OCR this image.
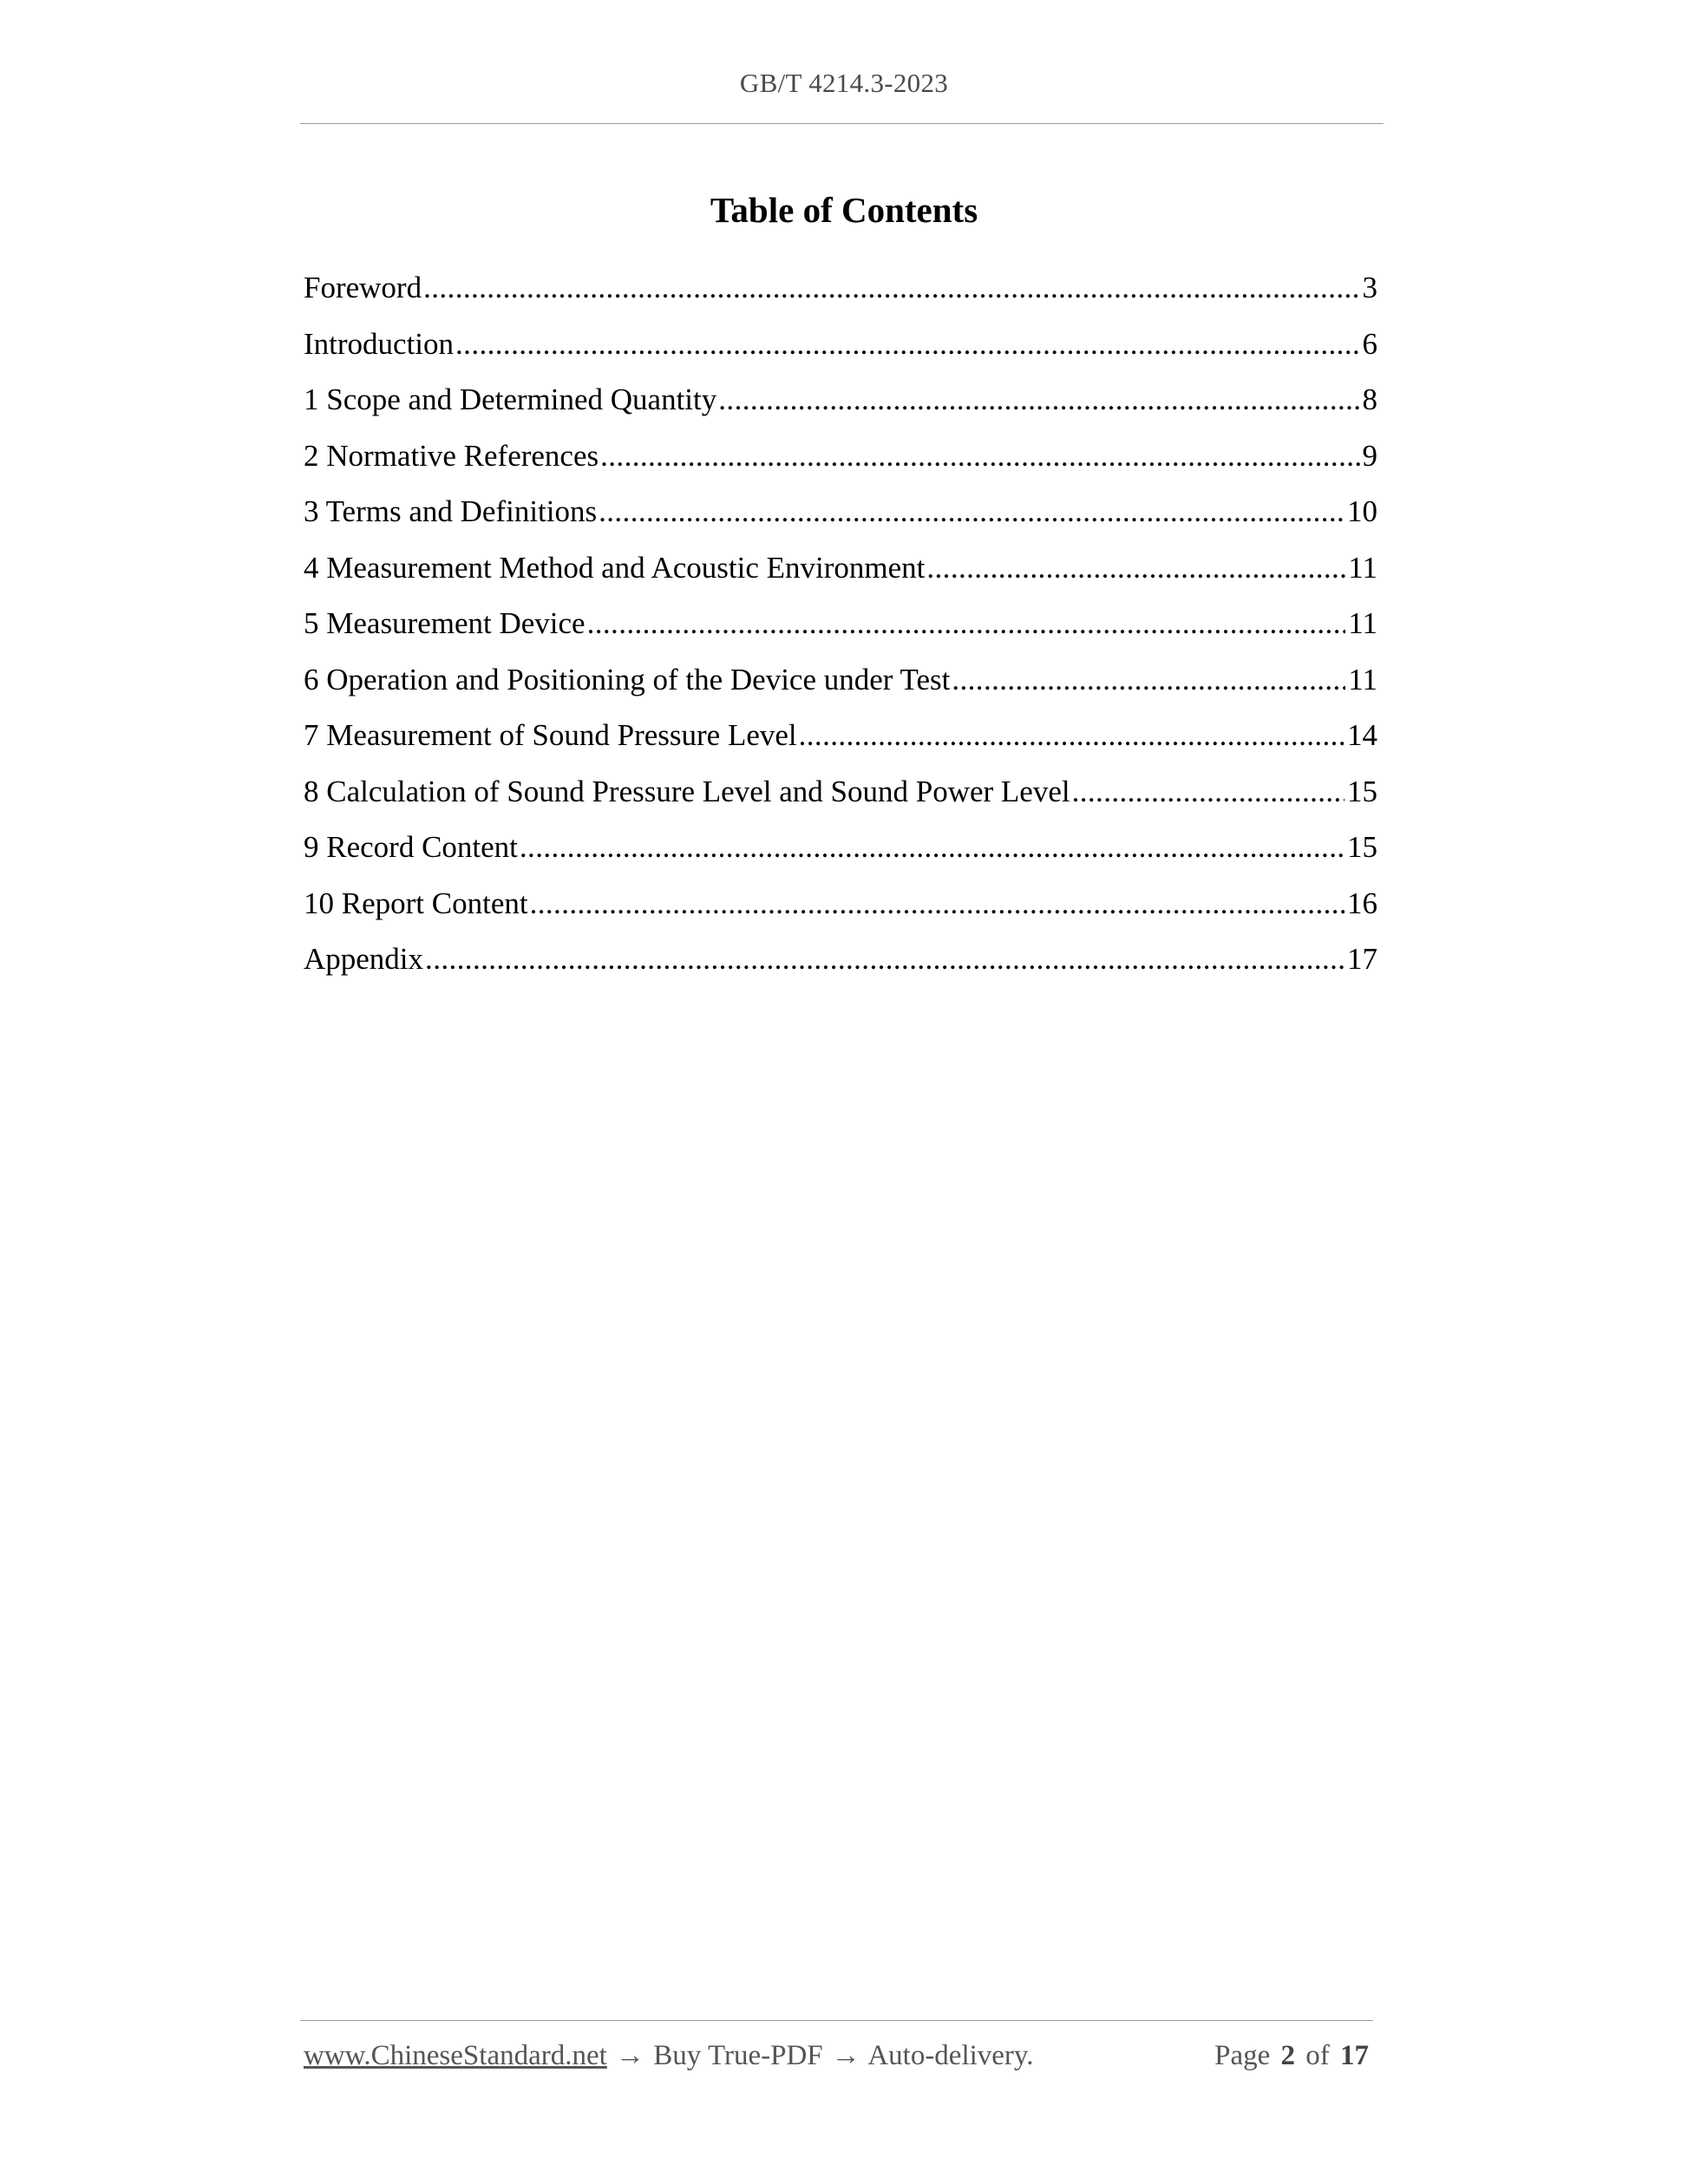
GB/T 4214.3-2023
Table of Contents
Foreword .....	3
Introduction .....	6
1 Scope and Determined Quantity .....	8
2 Normative References .....	9
3 Terms and Definitions .....	10
4 Measurement Method and Acoustic Environment .....	11
5 Measurement Device .....	11
6 Operation and Positioning of the Device under Test .....	11
7 Measurement of Sound Pressure Level .....	14
8 Calculation of Sound Pressure Level and Sound Power Level .....	15
9 Record Content .....	15
10 Report Content .....	16
Appendix .....	17
www.ChineseStandard.net → Buy True-PDF → Auto-delivery.	Page 2 of 17
